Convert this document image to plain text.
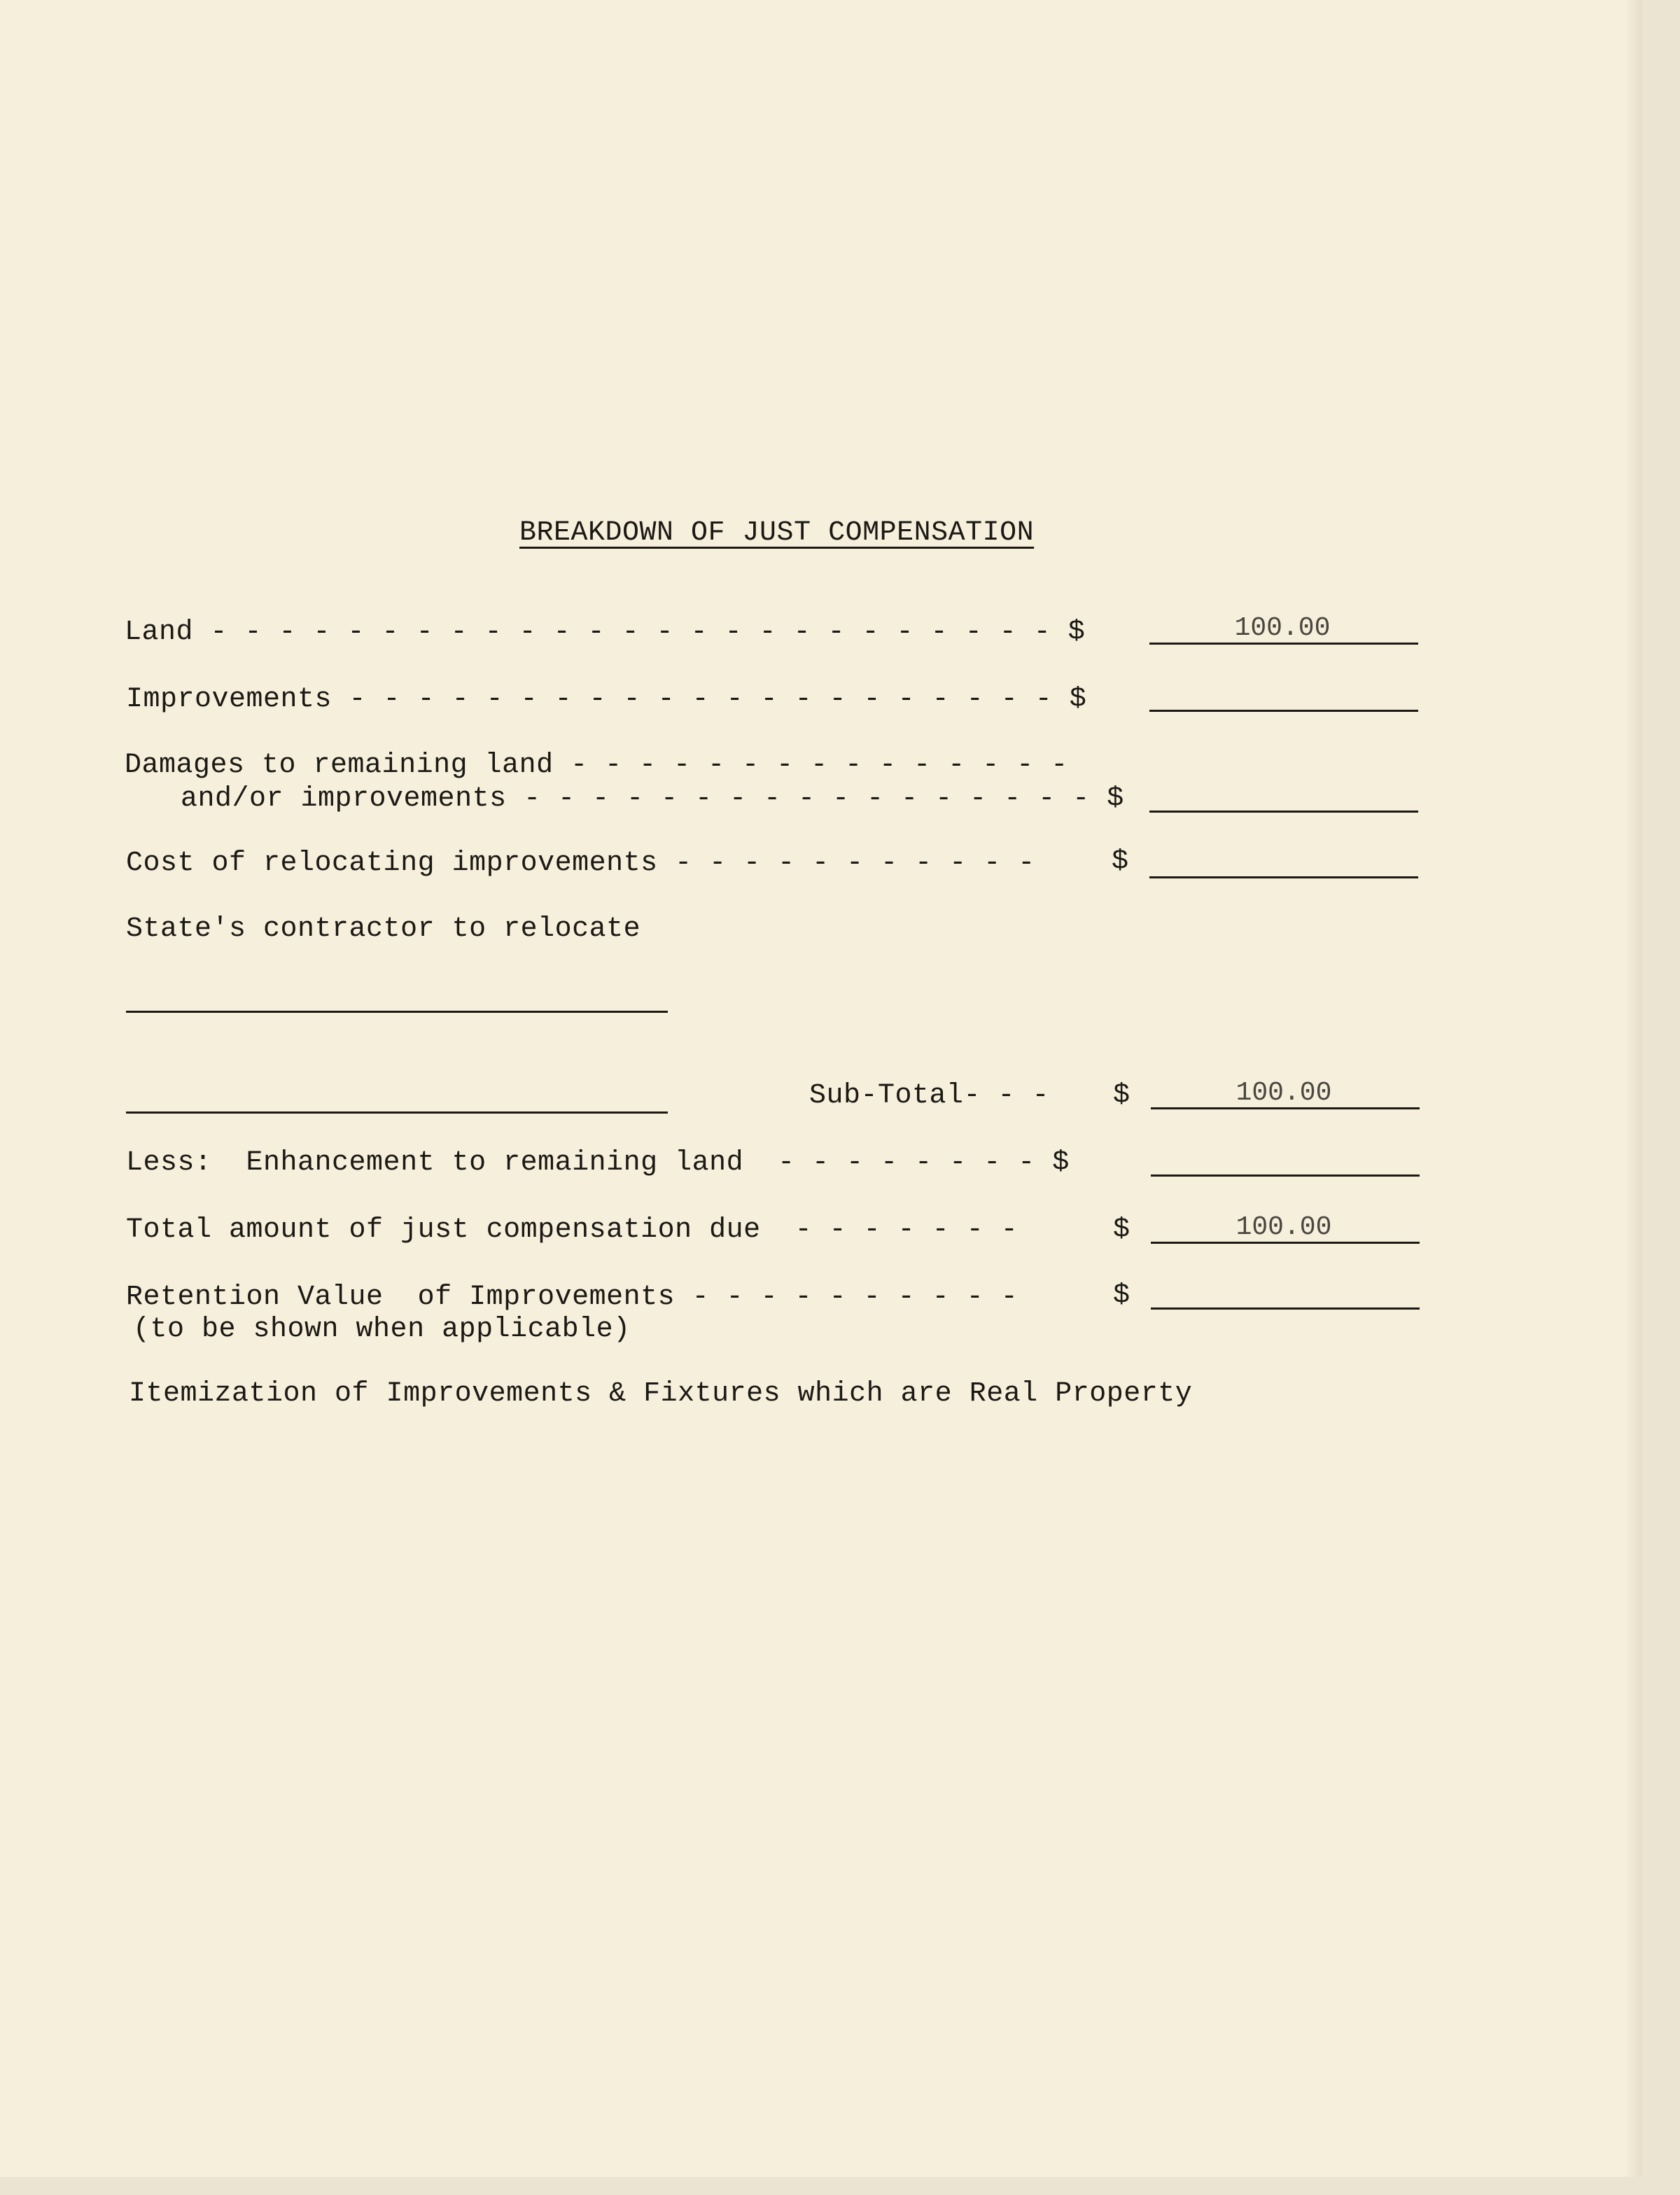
BREAKDOWN OF JUST COMPENSATION
Land - - - - - - - - - - - - - - - - - - - - - - - - - $	100.00
Improvements - - - - - - - - - - - - - - - - - - - - - $
Damages to remaining land - - - - - - - - - - - - - - -
and/or improvements - - - - - - - - - - - - - - - - - $
Cost of relocating improvements - - - - - - - - - - -	$
State's contractor to relocate
Sub-Total- - - $	100.00
Less:  Enhancement to remaining land  - - - - - - - - $
Total amount of just compensation due  - - - - - - -	$	100.00
Retention Value  of Improvements - - - - - - - - - -	$
(to be shown when applicable)
Itemization of Improvements & Fixtures which are Real Property
